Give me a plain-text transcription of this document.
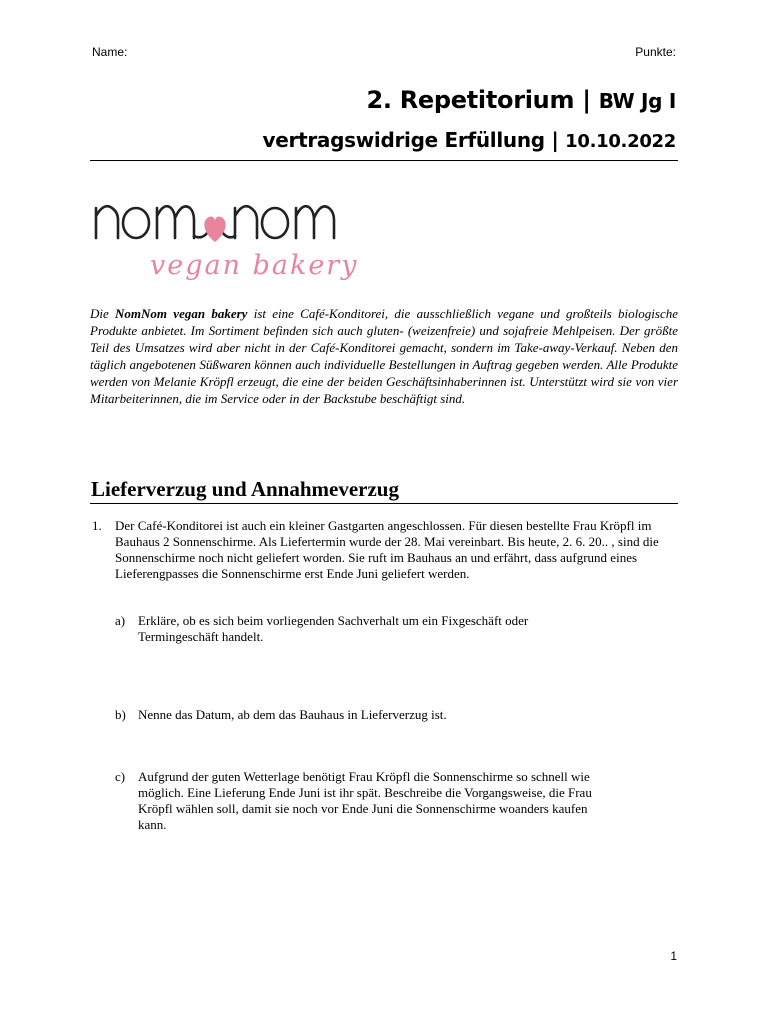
Name:	Punkte:
2. Repetitorium | BW Jg I
vertragswidrige Erfüllung | 10.10.2022
vegan bakery
Die NomNom vegan bakery ist eine Café-Konditorei, die ausschließlich vegane und großteils biologische Produkte anbietet. Im Sortiment befinden sich auch gluten- (weizenfreie) und sojafreie Mehlpeisen. Der größte Teil des Umsatzes wird aber nicht in der Café-Konditorei gemacht, sondern im Take-away-Verkauf. Neben den täglich angebotenen Süßwaren können auch individuelle Bestellungen in Auftrag gegeben werden. Alle Produkte werden von Melanie Kröpfl erzeugt, die eine der beiden Geschäftsinhaberinnen ist. Unterstützt wird sie von vier Mitarbeiterinnen, die im Service oder in der Backstube beschäftigt sind.
Lieferverzug und Annahmeverzug
1. Der Café-Konditorei ist auch ein kleiner Gastgarten angeschlossen. Für diesen bestellte Frau Kröpfl im Bauhaus 2 Sonnenschirme. Als Liefertermin wurde der 28. Mai vereinbart. Bis heute, 2. 6. 20.. , sind die Sonnenschirme noch nicht geliefert worden. Sie ruft im Bauhaus an und erfährt, dass aufgrund eines Lieferengpasses die Sonnenschirme erst Ende Juni geliefert werden.
a) Erkläre, ob es sich beim vorliegenden Sachverhalt um ein Fixgeschäft oder Termingeschäft handelt.
b) Nenne das Datum, ab dem das Bauhaus in Lieferverzug ist.
c) Aufgrund der guten Wetterlage benötigt Frau Kröpfl die Sonnenschirme so schnell wie möglich. Eine Lieferung Ende Juni ist ihr spät. Beschreibe die Vorgangsweise, die Frau Kröpfl wählen soll, damit sie noch vor Ende Juni die Sonnenschirme woanders kaufen kann.
1
